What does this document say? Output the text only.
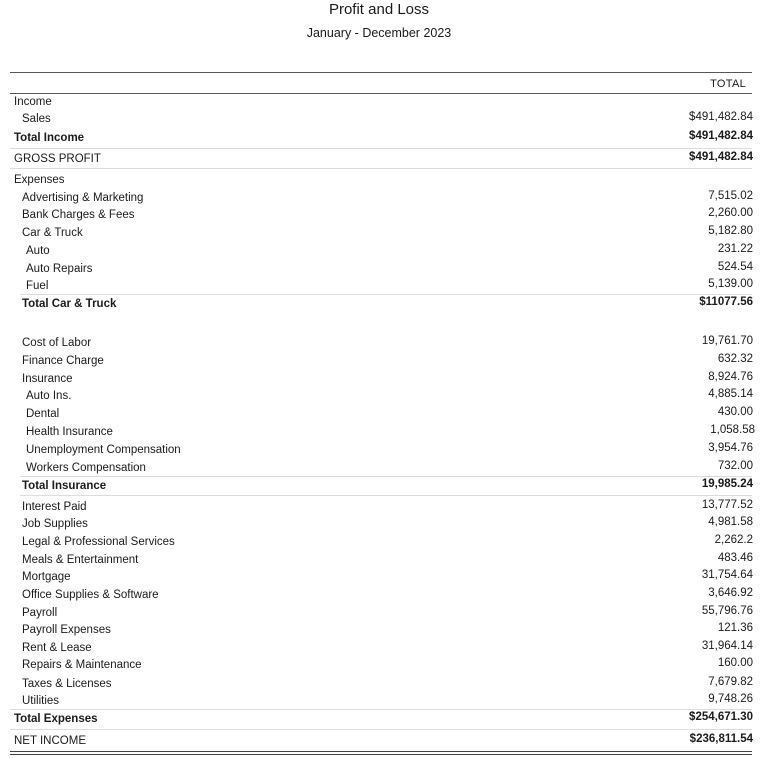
Profit and Loss
January - December 2023
TOTAL
Income
Sales	$491,482.84
Total Income	$491,482.84
GROSS PROFIT	$491,482.84
Expenses
Advertising & Marketing	7,515.02
Bank Charges & Fees	2,260.00
Car & Truck	5,182.80
Auto	231.22
Auto Repairs	524.54
Fuel	5,139.00
Total Car & Truck	$11077.56
Cost of Labor	19,761.70
Finance Charge	632.32
Insurance	8,924.76
Auto Ins.	4,885.14
Dental	430.00
Health Insurance	1,058.58
Unemployment Compensation	3,954.76
Workers Compensation	732.00
Total Insurance	19,985.24
Interest Paid	13,777.52
Job Supplies	4,981.58
Legal & Professional Services	2,262.2
Meals & Entertainment	483.46
Mortgage	31,754.64
Office Supplies & Software	3,646.92
Payroll	55,796.76
Payroll Expenses	121.36
Rent & Lease	31,964.14
Repairs & Maintenance	160.00
Taxes & Licenses	7,679.82
Utilities	9,748.26
Total Expenses	$254,671.30
NET INCOME	$236,811.54
